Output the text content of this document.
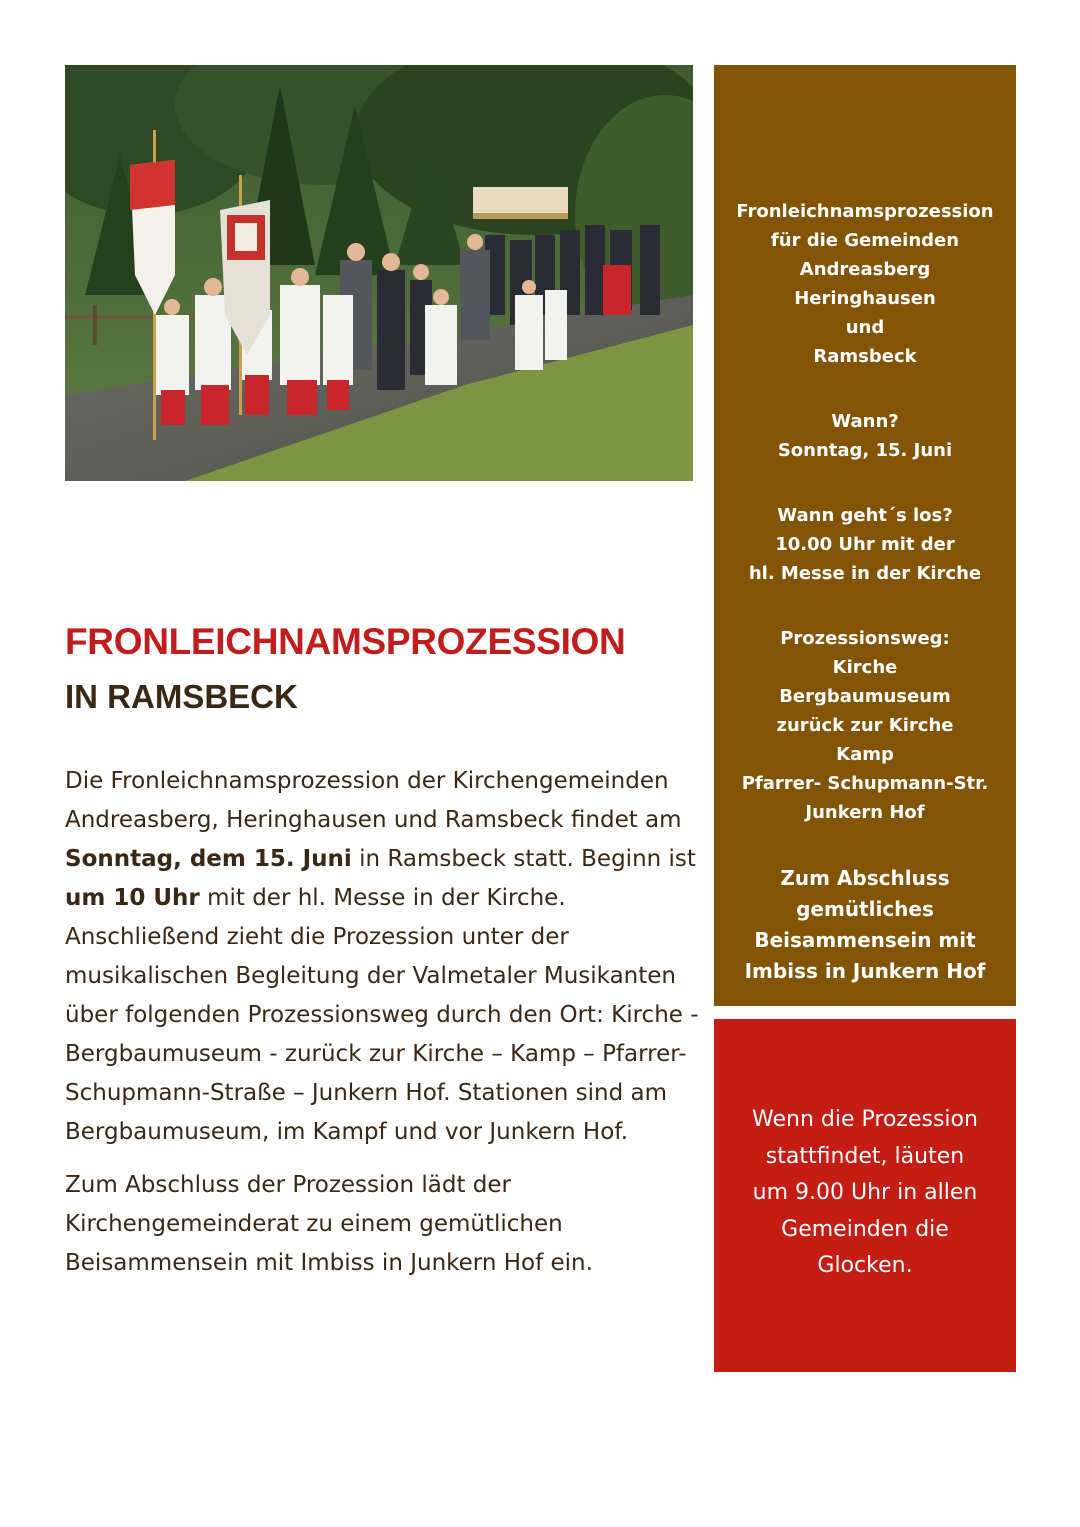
FRONLEICHNAMSPROZESSION
IN RAMSBECK

Die Fronleichnamsprozession der Kirchengemeinden Andreasberg, Heringhausen und Ramsbeck findet am Sonntag, dem 15. Juni in Ramsbeck statt. Beginn ist um 10 Uhr mit der hl. Messe in der Kirche. Anschließend zieht die Prozession unter der musikalischen Begleitung der Valmetaler Musikanten über folgenden Prozessionsweg durch den Ort: Kirche - Bergbaumuseum - zurück zur Kirche – Kamp – Pfarrer-Schupmann-Straße – Junkern Hof. Stationen sind am Bergbaumuseum, im Kampf und vor Junkern Hof.

Zum Abschluss der Prozession lädt der Kirchengemeinderat zu einem gemütlichen Beisammensein mit Imbiss in Junkern Hof ein.

Fronleichnamsprozession
für die Gemeinden
Andreasberg
Heringhausen
und
Ramsbeck
Wann?
Sonntag, 15. Juni
Wann geht´s los?
10.00 Uhr mit der
hl. Messe in der Kirche
Prozessionsweg:
Kirche
Bergbaumuseum
zurück zur Kirche
Kamp
Pfarrer- Schupmann-Str.
Junkern Hof
Zum Abschluss
gemütliches
Beisammensein mit
Imbiss in Junkern Hof
Wenn die Prozession
stattfindet, läuten
um 9.00 Uhr in allen
Gemeinden die
Glocken.
